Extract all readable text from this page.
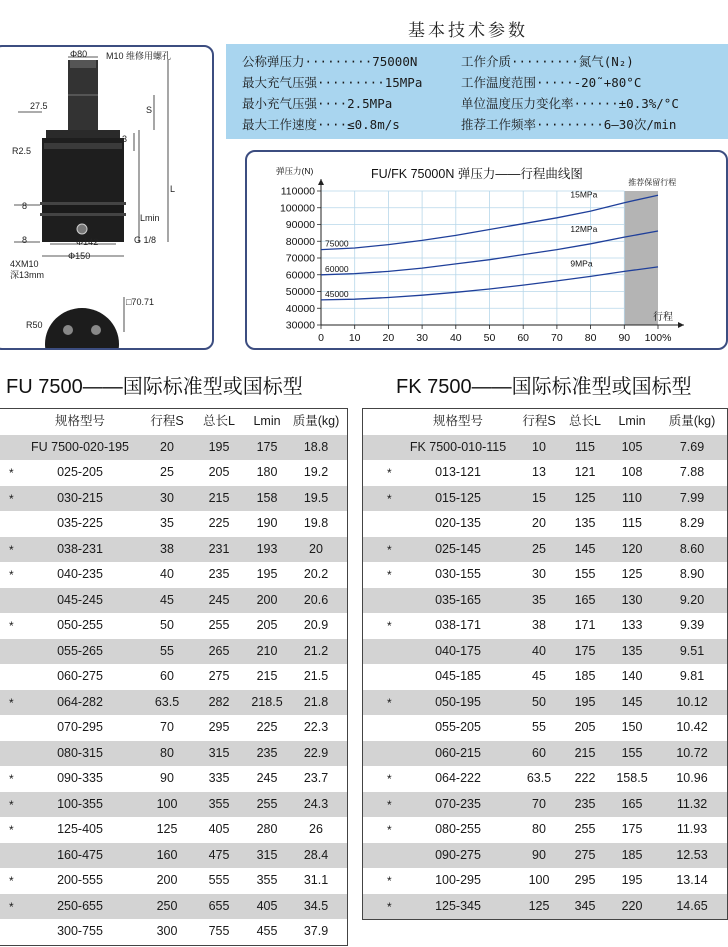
Φ80 M10 维修用螺孔
27.5	S
3
R2.5
L
Lmin
8
8	Φ142	G 1/8
Φ150
4XM10
深13mm
□70.71
R50
基本技术参数
公称弹压力·········75000N
最大充气压强·········15MPa
最小充气压强····2.5MPa
最大工作速度····≤0.8m/s
工作介质·········氮气(N₂)
工作温度范围·····-20˜+80°C
单位温度压力变化率······±0.3%/°C
推荐工作频率·········6—30次/min
推荐保留行程
110000
100000
90000
80000
70000
60000
50000
40000
30000
0 10 20 30 40 50 60 70 80 90 100%
弹压力(N)
行程
FU/FK 75000N 弹压力——行程曲线图
15MPa
75000
12MPa
60000
9MPa
45000
FU 7500——国际标准型或国标型	FK 7500——国际标准型或国标型
规格型号	行程S	总长L	Lmin 质量(kg)
FU 7500-020-195	20	195	175	18.8
*	025-205	25	205	180	19.2
*	030-215	30	215	158	19.5
035-225	35	225	190	19.8
*	038-231	38	231	193	20
*	040-235	40	235	195	20.2
045-245	45	245	200	20.6
*	050-255	50	255	205	20.9
055-265	55	265	210	21.2
060-275	60	275	215	21.5
*	064-282	63.5	282	218.5	21.8
070-295	70	295	225	22.3
080-315	80	315	235	22.9
*	090-335	90	335	245	23.7
*	100-355	100	355	255	24.3
*	125-405	125	405	280	26
160-475	160	475	315	28.4
*	200-555	200	555	355	31.1
*	250-655	250	655	405	34.5
300-755	300	755	455	37.9
规格型号	行程S	总长L	Lmin	质量(kg)
FK 7500-010-115	10	115	105	7.69
*	013-121	13	121	108	7.88
*	015-125	15	125	110	7.99
020-135	20	135	115	8.29
*	025-145	25	145	120	8.60
*	030-155	30	155	125	8.90
035-165	35	165	130	9.20
*	038-171	38	171	133	9.39
040-175	40	175	135	9.51
045-185	45	185	140	9.81
*	050-195	50	195	145	10.12
055-205	55	205	150	10.42
060-215	60	215	155	10.72
*	064-222	63.5	222	158.5	10.96
*	070-235	70	235	165	11.32
*	080-255	80	255	175	11.93
090-275	90	275	185	12.53
*	100-295	100	295	195	13.14
*	125-345	125	345	220	14.65
